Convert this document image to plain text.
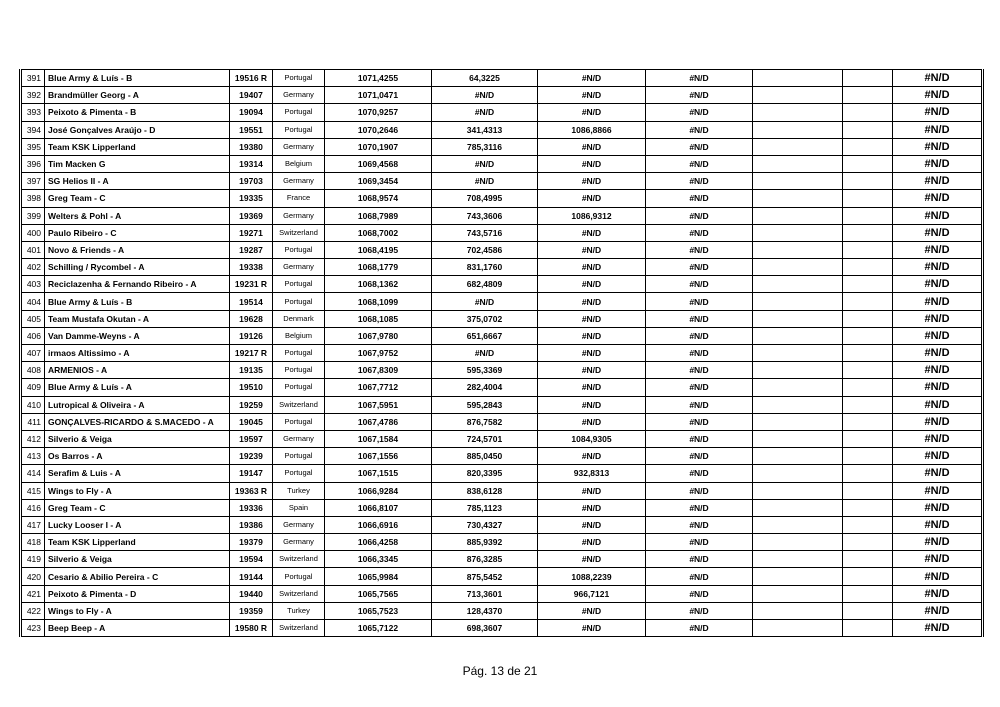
391	Blue Army & Luís - B	19516 R	Portugal	1071,4255	64,3225	#N/D	#N/D			#N/D
392	Brandmüller Georg - A	19407	Germany	1071,0471	#N/D	#N/D	#N/D			#N/D
393	Peixoto & Pimenta - B	19094	Portugal	1070,9257	#N/D	#N/D	#N/D			#N/D
394	José Gonçalves Araújo - D	19551	Portugal	1070,2646	341,4313	1086,8866	#N/D			#N/D
395	Team KSK Lipperland	19380	Germany	1070,1907	785,3116	#N/D	#N/D			#N/D
396	Tim Macken G	19314	Belgium	1069,4568	#N/D	#N/D	#N/D			#N/D
397	SG Helios II - A	19703	Germany	1069,3454	#N/D	#N/D	#N/D			#N/D
398	Greg Team - C	19335	France	1068,9574	708,4995	#N/D	#N/D			#N/D
399	Welters & Pohl - A	19369	Germany	1068,7989	743,3606	1086,9312	#N/D			#N/D
400	Paulo Ribeiro - C	19271	Switzerland	1068,7002	743,5716	#N/D	#N/D			#N/D
401	Novo & Friends - A	19287	Portugal	1068,4195	702,4586	#N/D	#N/D			#N/D
402	Schilling / Rycombel - A	19338	Germany	1068,1779	831,1760	#N/D	#N/D			#N/D
403	Reciclazenha & Fernando Ribeiro - A	19231 R	Portugal	1068,1362	682,4809	#N/D	#N/D			#N/D
404	Blue Army & Luís - B	19514	Portugal	1068,1099	#N/D	#N/D	#N/D			#N/D
405	Team Mustafa Okutan - A	19628	Denmark	1068,1085	375,0702	#N/D	#N/D			#N/D
406	Van Damme-Weyns - A	19126	Belgium	1067,9780	651,6667	#N/D	#N/D			#N/D
407	irmaos Altissimo - A	19217 R	Portugal	1067,9752	#N/D	#N/D	#N/D			#N/D
408	ARMENIOS - A	19135	Portugal	1067,8309	595,3369	#N/D	#N/D			#N/D
409	Blue Army & Luís - A	19510	Portugal	1067,7712	282,4004	#N/D	#N/D			#N/D
410	Lutropical & Oliveira - A	19259	Switzerland	1067,5951	595,2843	#N/D	#N/D			#N/D
411	GONÇALVES-RICARDO & S.MACEDO - A	19045	Portugal	1067,4786	876,7582	#N/D	#N/D			#N/D
412	Silverio & Veiga	19597	Germany	1067,1584	724,5701	1084,9305	#N/D			#N/D
413	Os Barros - A	19239	Portugal	1067,1556	885,0450	#N/D	#N/D			#N/D
414	Serafim & Luis - A	19147	Portugal	1067,1515	820,3395	932,8313	#N/D			#N/D
415	Wings to Fly - A	19363 R	Turkey	1066,9284	838,6128	#N/D	#N/D			#N/D
416	Greg Team - C	19336	Spain	1066,8107	785,1123	#N/D	#N/D			#N/D
417	Lucky Looser I - A	19386	Germany	1066,6916	730,4327	#N/D	#N/D			#N/D
418	Team KSK Lipperland	19379	Germany	1066,4258	885,9392	#N/D	#N/D			#N/D
419	Silverio & Veiga	19594	Switzerland	1066,3345	876,3285	#N/D	#N/D			#N/D
420	Cesario & Abilio Pereira - C	19144	Portugal	1065,9984	875,5452	1088,2239	#N/D			#N/D
421	Peixoto & Pimenta - D	19440	Switzerland	1065,7565	713,3601	966,7121	#N/D			#N/D
422	Wings to Fly - A	19359	Turkey	1065,7523	128,4370	#N/D	#N/D			#N/D
423	Beep Beep - A	19580 R	Switzerland	1065,7122	698,3607	#N/D	#N/D			#N/D
Pág. 13 de 21
